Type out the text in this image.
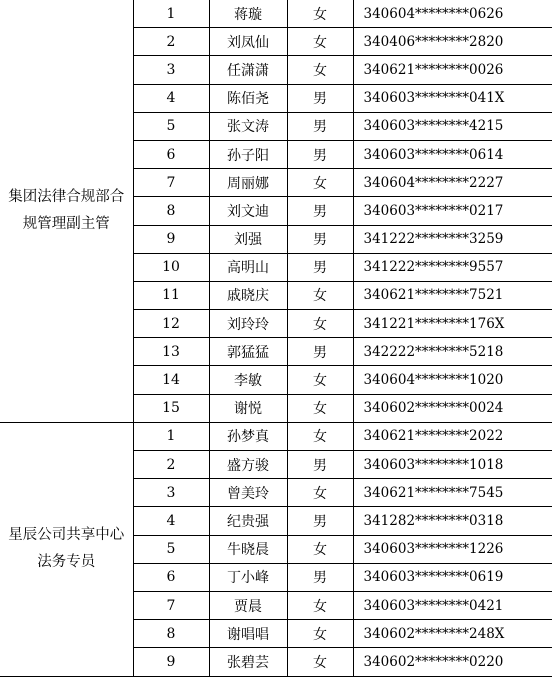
集团法律合规部合规管理副主管	1	蒋璇	女	340604********0626
	2	刘凤仙	女	340406********2820
	3	任潇潇	女	340621********0026
	4	陈佰尧	男	340603********041X
	5	张文涛	男	340603********4215
	6	孙子阳	男	340603********0614
	7	周丽娜	女	340604********2227
	8	刘文迪	男	340603********0217
	9	刘强	男	341222********3259
	10	高明山	男	341222********9557
	11	戚晓庆	女	340621********7521
	12	刘玲玲	女	341221********176X
	13	郭猛猛	男	342222********5218
	14	李敏	女	340604********1020
	15	谢悦	女	340602********0024
星辰公司共享中心法务专员	1	孙梦真	女	340621********2022
	2	盛方骏	男	340603********1018
	3	曾美玲	女	340621********7545
	4	纪贵强	男	341282********0318
	5	牛晓晨	女	340603********1226
	6	丁小峰	男	340603********0619
	7	贾晨	女	340603********0421
	8	谢唱唱	女	340602********248X
	9	张碧芸	女	340602********0220
